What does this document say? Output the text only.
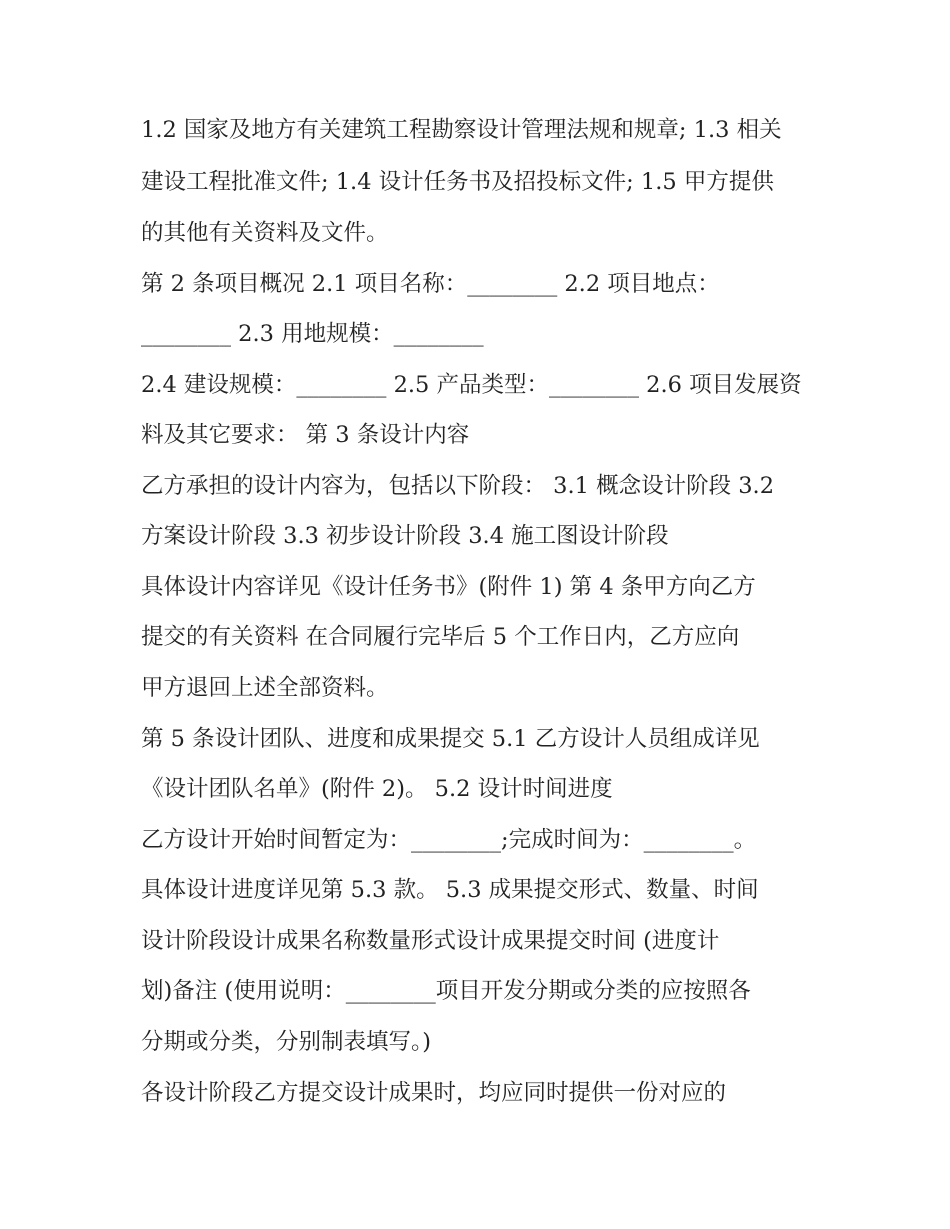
1.2 国家及地方有关建筑工程勘察设计管理法规和规章; 1.3 相关

建设工程批准文件; 1.4 设计任务书及招投标文件; 1.5 甲方提供

的其他有关资料及文件。

第 2 条项目概况 2.1 项目名称：________ 2.2 项目地点：

________ 2.3 用地规模：________

2.4 建设规模：________ 2.5 产品类型：________ 2.6 项目发展资

料及其它要求： 第 3 条设计内容

乙方承担的设计内容为，包括以下阶段： 3.1 概念设计阶段 3.2

方案设计阶段 3.3 初步设计阶段 3.4 施工图设计阶段

具体设计内容详见《设计任务书》(附件 1) 第 4 条甲方向乙方

提交的有关资料 在合同履行完毕后 5 个工作日内，乙方应向

甲方退回上述全部资料。

第 5 条设计团队、进度和成果提交 5.1 乙方设计人员组成详见

《设计团队名单》(附件 2)。 5.2 设计时间进度

乙方设计开始时间暂定为：________;完成时间为：________。

具体设计进度详见第 5.3 款。 5.3 成果提交形式、数量、时间

设计阶段设计成果名称数量形式设计成果提交时间 (进度计

划)备注 (使用说明：________项目开发分期或分类的应按照各

分期或分类，分别制表填写。)

各设计阶段乙方提交设计成果时，均应同时提供一份对应的
